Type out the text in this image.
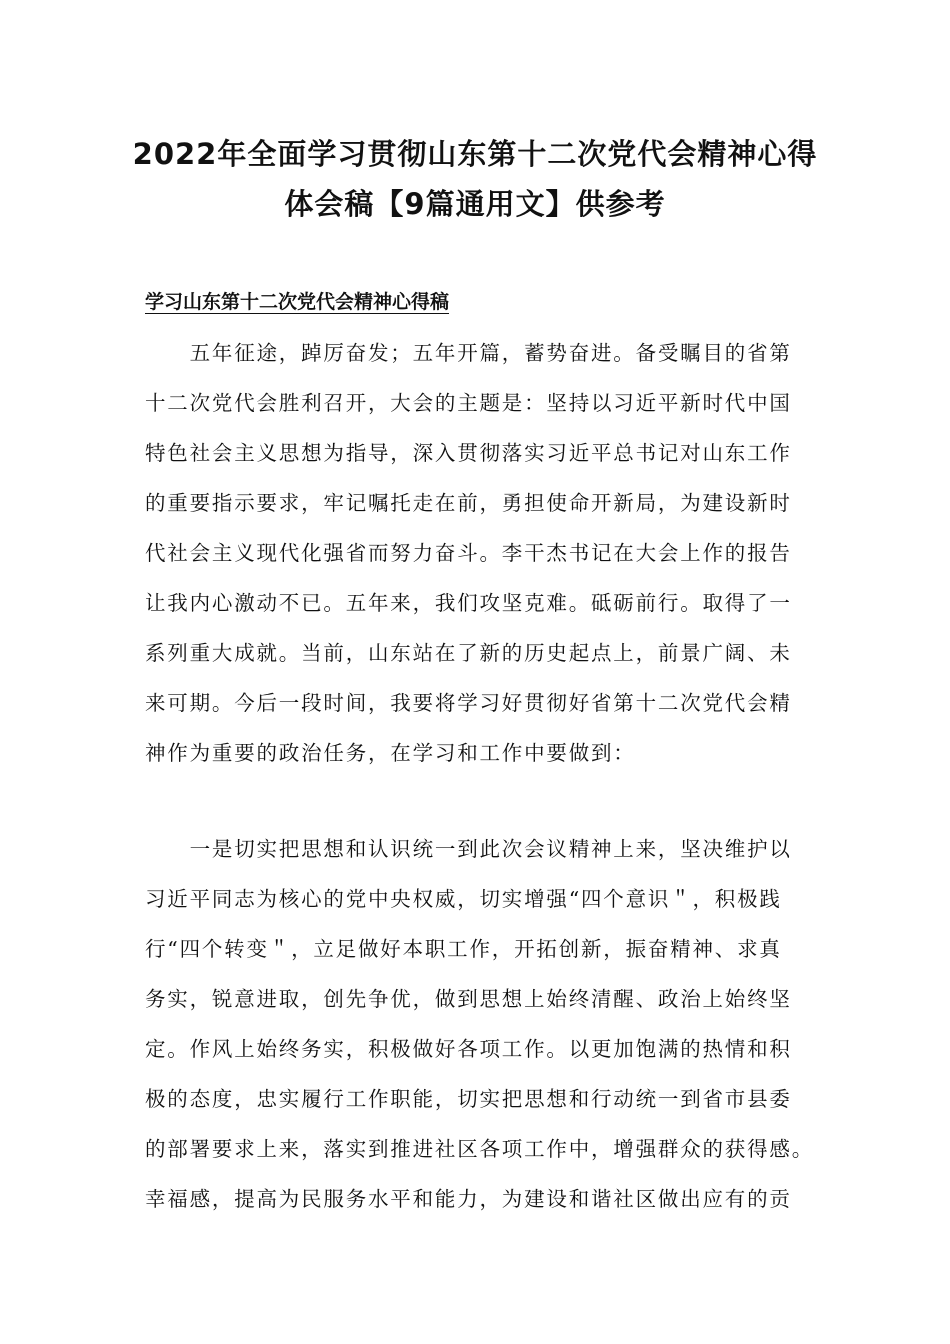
2022年全面学习贯彻山东第十二次党代会精神心得
体会稿【9篇通用文】供参考
学习山东第十二次党代会精神心得稿
　　五年征途，踔厉奋发；五年开篇，蓄势奋进。备受瞩目的省第
十二次党代会胜利召开，大会的主题是：坚持以习近平新时代中国
特色社会主义思想为指导，深入贯彻落实习近平总书记对山东工作
的重要指示要求，牢记嘱托走在前，勇担使命开新局，为建设新时
代社会主义现代化强省而努力奋斗。李干杰书记在大会上作的报告
让我内心激动不已。五年来，我们攻坚克难。砥砺前行。取得了一
系列重大成就。当前，山东站在了新的历史起点上，前景广阔、未
来可期。今后一段时间，我要将学习好贯彻好省第十二次党代会精
神作为重要的政治任务，在学习和工作中要做到：
　　一是切实把思想和认识统一到此次会议精神上来，坚决维护以
习近平同志为核心的党中央权威，切实增强“四个意识＂，积极践
行“四个转变＂，立足做好本职工作，开拓创新，振奋精神、求真
务实，锐意进取，创先争优，做到思想上始终清醒、政治上始终坚
定。作风上始终务实，积极做好各项工作。以更加饱满的热情和积
极的态度，忠实履行工作职能，切实把思想和行动统一到省市县委
的部署要求上来，落实到推进社区各项工作中，增强群众的获得感。
幸福感，提高为民服务水平和能力，为建设和谐社区做出应有的贡
